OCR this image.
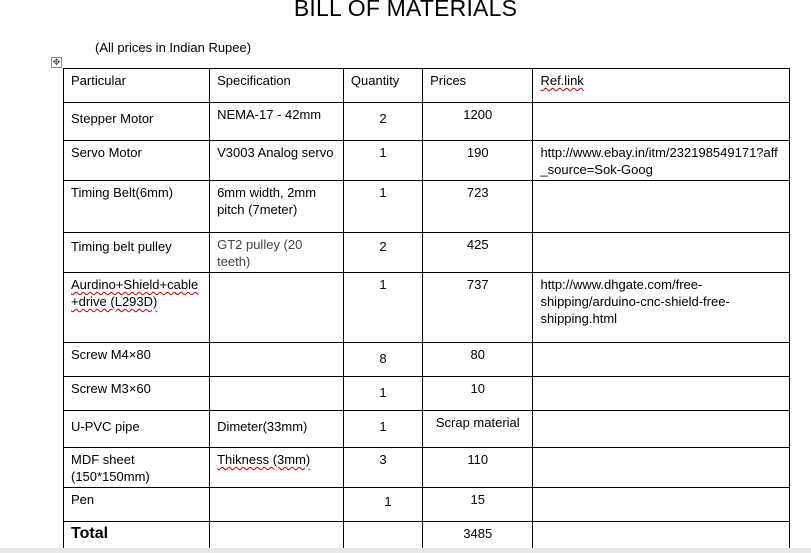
BILL OF MATERIALS
(All prices in Indian Rupee)
✥
Particular	Specification	Quantity	Prices	Ref.link
Stepper Motor	NEMA-17 - 42mm	2	1200	
Servo Motor	V3003 Analog servo	1	190	http://www.ebay.in/itm/232198549171?aff_source=Sok-Goog
Timing Belt(6mm)	6mm width, 2mm pitch (7meter)	1	723	
Timing belt pulley	GT2 pulley (20 teeth)	2	425	
Aurdino+Shield+cable+drive (L293D)		1	737	http://www.dhgate.com/free-shipping/arduino-cnc-shield-free-shipping.html
Screw M4×80		8	80	
Screw M3×60		1	10	
U-PVC pipe	Dimeter(33mm)	1	Scrap material	
MDF sheet (150*150mm)	Thikness (3mm)	3	110	
Pen		1	15	
Total			3485	
